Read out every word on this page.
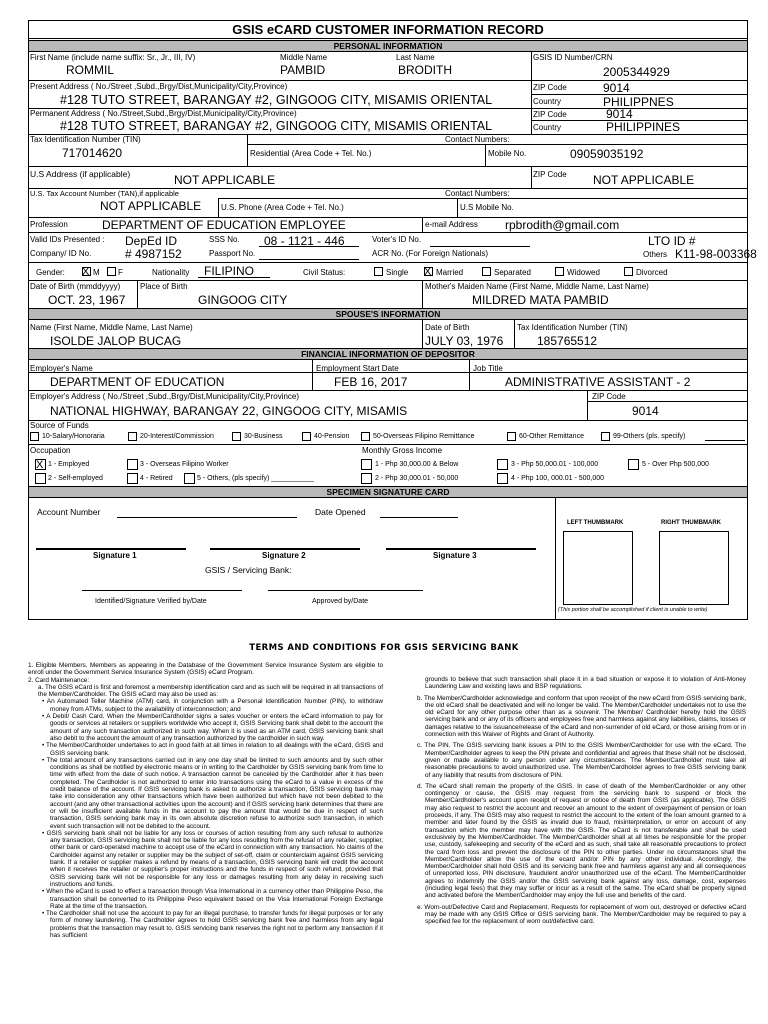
GSIS eCARD CUSTOMER INFORMATION RECORD
PERSONAL INFORMATION
First Name (include name suffix: Sr., Jr., III, IV)	Middle Name	Last Name	GSIS ID Number/CRN
ROMMIL	PAMBID	BRODITH	2005344929
Present Address ( No./Street ,Subd.,Brgy/Dist,Municipality/City,Province)
#128 TUTO STREET, BARANGAY #2, GINGOOG CITY, MISAMIS ORIENTAL
ZIP Code	9014
Country	PHILIPPNES
Permanent Address ( No./Street,Subd.,Brgy/Dist,Municipality/City,Province)
#128 TUTO STREET, BARANGAY #2, GINGOOG CITY, MISAMIS ORIENTAL
ZIP Code	9014
Country	PHILIPPINES
Tax Identification Number (TIN)	Contact Numbers:
717014620	Residential (Area Code + Tel. No.)	Mobile No.	09059035192
U.S Address (if applicable)	NOT APPLICABLE	ZIP Code NOT APPLICABLE
U.S. Tax Account Number (TAN),if applicable	Contact Numbers:
NOT APPLICABLE U.S. Phone (Area Code + Tel. No.)	U.S Mobile No.
Profession	DEPARTMENT OF EDUCATION EMPLOYEE	e-mail Address rpbrodith@gmail.com
Valid IDs Presented : DepEd ID
Company/ ID No.	# 4987152
SSS No. 08 - 1121 - 446
Passport No.
Voter's ID No.
ACR No. (For Foreign Nationals)
LTO ID #
Others K11-98-003368
Gender: X M F	Nationality FILIPINO	Civil Status:	Single X Married	Separated	Widowed	Divorced
Date of Birth (mmddyyyy) Place of Birth	Mother's Maiden Name (First Name, Middle Name, Last Name)
OCT. 23, 1967	GINGOOG CITY	MILDRED MATA PAMBID
SPOUSE'S INFORMATION
Name (First Name, Middle Name, Last Name)	Date of Birth	Tax Identification Number (TIN)
ISOLDE JALOP BUCAG	JULY 03, 1976	185765512
FINANCIAL INFORMATION OF DEPOSITOR
Employer's Name	Employment Start Date	Job Title
DEPARTMENT OF EDUCATION	FEB 16, 2017	ADMINISTRATIVE ASSISTANT - 2
Employer's Address ( No./Street ,Subd.,Brgy/Dist,Municipality/City,Province)	ZIP Code
NATIONAL HIGHWAY, BARANGAY 22, GINGOOG CITY, MISAMIS	9014
Source of Funds
10-Salary/Honoraria	20-Interest/Commission	30-Business	40-Pension	50-Overseas Filipino Remittance	60-Other Remittance	99-Others (pls. specify)
Occupation	Monthly Gross Income
X 1 - Employed
2 - Self-employed
3 - Overseas Filipino Worker
4 - Retired	5 - Others, (pls specify) ___________
1 - Php 30,000.00 & Below
2 - Php 30,000.01 - 50,000
3 - Php 50,000.01 - 100,000
4 - Php 100, 000.01 - 500,000
5 - Over Php 500,000
SPECIMEN SIGNATURE CARD
Account Number	Date Opened
LEFT THUMBMARK	RIGHT THUMBMARK
(This portion shall be accomplished if client is unable to write)
Signature 1	Signature 2	Signature 3
GSIS / Servicing Bank:
Identified/Signature Verified by/Date	Approved by/Date
TERMS AND CONDITIONS FOR GSIS SERVICING BANK

1. Eligible Members. Members as appearing in the Database of the Government Service Insurance System are eligible to enroll under the Government Service Insurance System (GSIS) eCard Program.

2. Card Maintenance:

a. The GSIS eCard is first and foremost a membership identification card and as such will be required in all transactions of the Member/Cardholder. The GSIS eCard may also be used as:

• An Automated Teller Machine (ATM) card, in conjunction with a Personal Identification Number (PIN), to withdraw money from ATMs, subject to the availability of interconnection; and

• A Debit/ Cash Card. When the Member/Cardholder signs a sales voucher or enters the eCard information to pay for goods or services at retailers or suppliers worldwide who accept it, GSIS Servicing bank shall debit to the account the amount of any such transaction authorized in such way. When it is used as an ATM card, GSIS servicing bank shall also debit to the account the amount of any transaction authorized by the cardholder in such way.

• The Member/Cardholder undertakes to act in good faith at all times in relation to all dealings with the eCard, GSIS and GSIS servicing bank.

• The total amount of any transactions carried out in any one day shall be limited to such amounts and by such other conditions as shall be notified by electronic means or in writing to the Cardholder by GSIS servicing bank from time to time with effect from the date of such notice. A transaction cannot be canceled by the Cardholder after it has been completed. The Cardholder is not authorized to enter into transactions using the eCard to a value in excess of the credit balance of the account. If GSIS servicing bank is asked to authorize a transaction, GSIS servicing bank may take into consideration any other transactions which have been authorized but which have not been debited to the account (and any other transactional activities upon the account) and if GSIS servicing bank determines that there are or will be insufficient available funds in the account to pay the amount that would be due in respect of such transaction, GSIS servicing bank may in its own absolute discretion refuse to authorize such transaction, in which event such transaction will not be debited to the account.

• GSIS servicing bank shall not be liable for any loss or courses of action resulting from any such refusal to authorize any transaction. GSIS servicing bank shall not be liable for any loss resulting from the refusal of any retailer, supplier, other bank or card-operated machine to accept use of the eCard in connection with any transaction. No claims of the Cardholder against any retailer or supplier may be the subject of set-off, claim or counterclaim against GSIS servicing bank. If a retailer or supplier makes a refund by means of a transaction, GSIS servicing bank will credit the account when it receives the retailer or supplier's proper instructions and the funds in respect of such refund, provided that GSIS servicing bank will not be responsible for any loss or damages resulting from any delay in receiving such instructions and funds.

• When the eCard is used to effect a transaction through Visa International in a currency other than Philippine Peso, the transaction shall be converted to its Philippine Peso equivalent based on the Visa International Foreign Exchange Rate at the time of the transaction.

• The Cardholder shall not use the account to pay for an illegal purchase, to transfer funds for illegal purposes or for any form of money laundering. The Cardholder agrees to hold GSIS servicing bank free and harmless from any legal problems that the transaction may result to. GSIS servicing bank reserves the right not to perform any transaction if it has sufficient

grounds to believe that such transaction shall place it in a bad situation or expose it to violation of Anti-Money Laundering Law and existing laws and BSP regulations.

b. The Member/Cardholder acknowledge and conform that upon receipt of the new eCard from GSIS servicing bank, the old eCard shall be deactivated and will no longer be valid. The Member/Cardholder undertakes not to use the old eCard for any other purpose other than as a souvenir. The Member/ Cardholder hereby hold the GSIS servicing bank and or any of its officers and employees free and harmless against any liabilities, claims, losses or damages relative to the issuance/release of the eCard and non-surrender of old eCard, or those arising from or in connection with this Waiver of Rights and Grant of Authority.

c. The PIN. The GSIS servicing bank issues a PIN to the GSIS Member/Cardholder for use with the eCard. The Member/Cardholder agrees to keep the PIN private and confidential and agrees that these shall not be disclosed, given or made available to any person under any circumstances. The Member/Cardholder must take all reasonable precautions to avoid unauthorized use. The Member/Cardholder agrees to free GSIS servicing bank of any liability that results from disclosure of PIN.

d. The eCard shall remain the property of the GSIS. In case of death of the Member/Cardholder or any other contingency or cause, the GSIS may request from the servicing bank to suspend or block the Member/Cardholder's account upon receipt of request or notice of death from GSIS (as applicable). The GSIS may also request to restrict the account and recover an amount to the extent of overpayment of pension or loan proceeds, if any. The GSIS may also request to restrict the account to the extent of the loan amount granted to a member and later found by the GSIS as invalid due to fraud, misinterpretation, or error on account of any transaction which the member may have with the GSIS. The eCard is not transferable and shall be used exclusively by the Member/Cardholder. The Member/Cardholder shall at all times be responsible for the proper use, custody, safekeeping and security of the eCard and as such, shall take all reasonable precautions to protect the card from loss and prevent the disclosure of the PIN to other parties. Under no circumstances shall the Member/Cardholder allow the use of the ecard and/or PIN by any other individual. Accordingly, the Member/Cardholder shall hold GSIS and its servicing bank free and harmless against any and all consequences of unreported loss, PIN disclosure, fraudulent and/or unauthorized use of the eCard. The Member/Cardholder agrees to indemnify the GSIS and/or the GSIS servicing bank against any loss, damage, cost, expenses (including legal fees) that they may suffer or incur as a result of the same. The eCard shall be properly signed and activated before the Member/Cardholder may enjoy the full use and benefits of the card.

e. Worn-out/Defective Card and Replacement. Requests for replacement of worn out, destroyed or defective eCard may be made with any GSIS Office or GSIS servicing bank. The Member/Cardholder may be required to pay a specified fee for the replacement of worn out/defective card.
